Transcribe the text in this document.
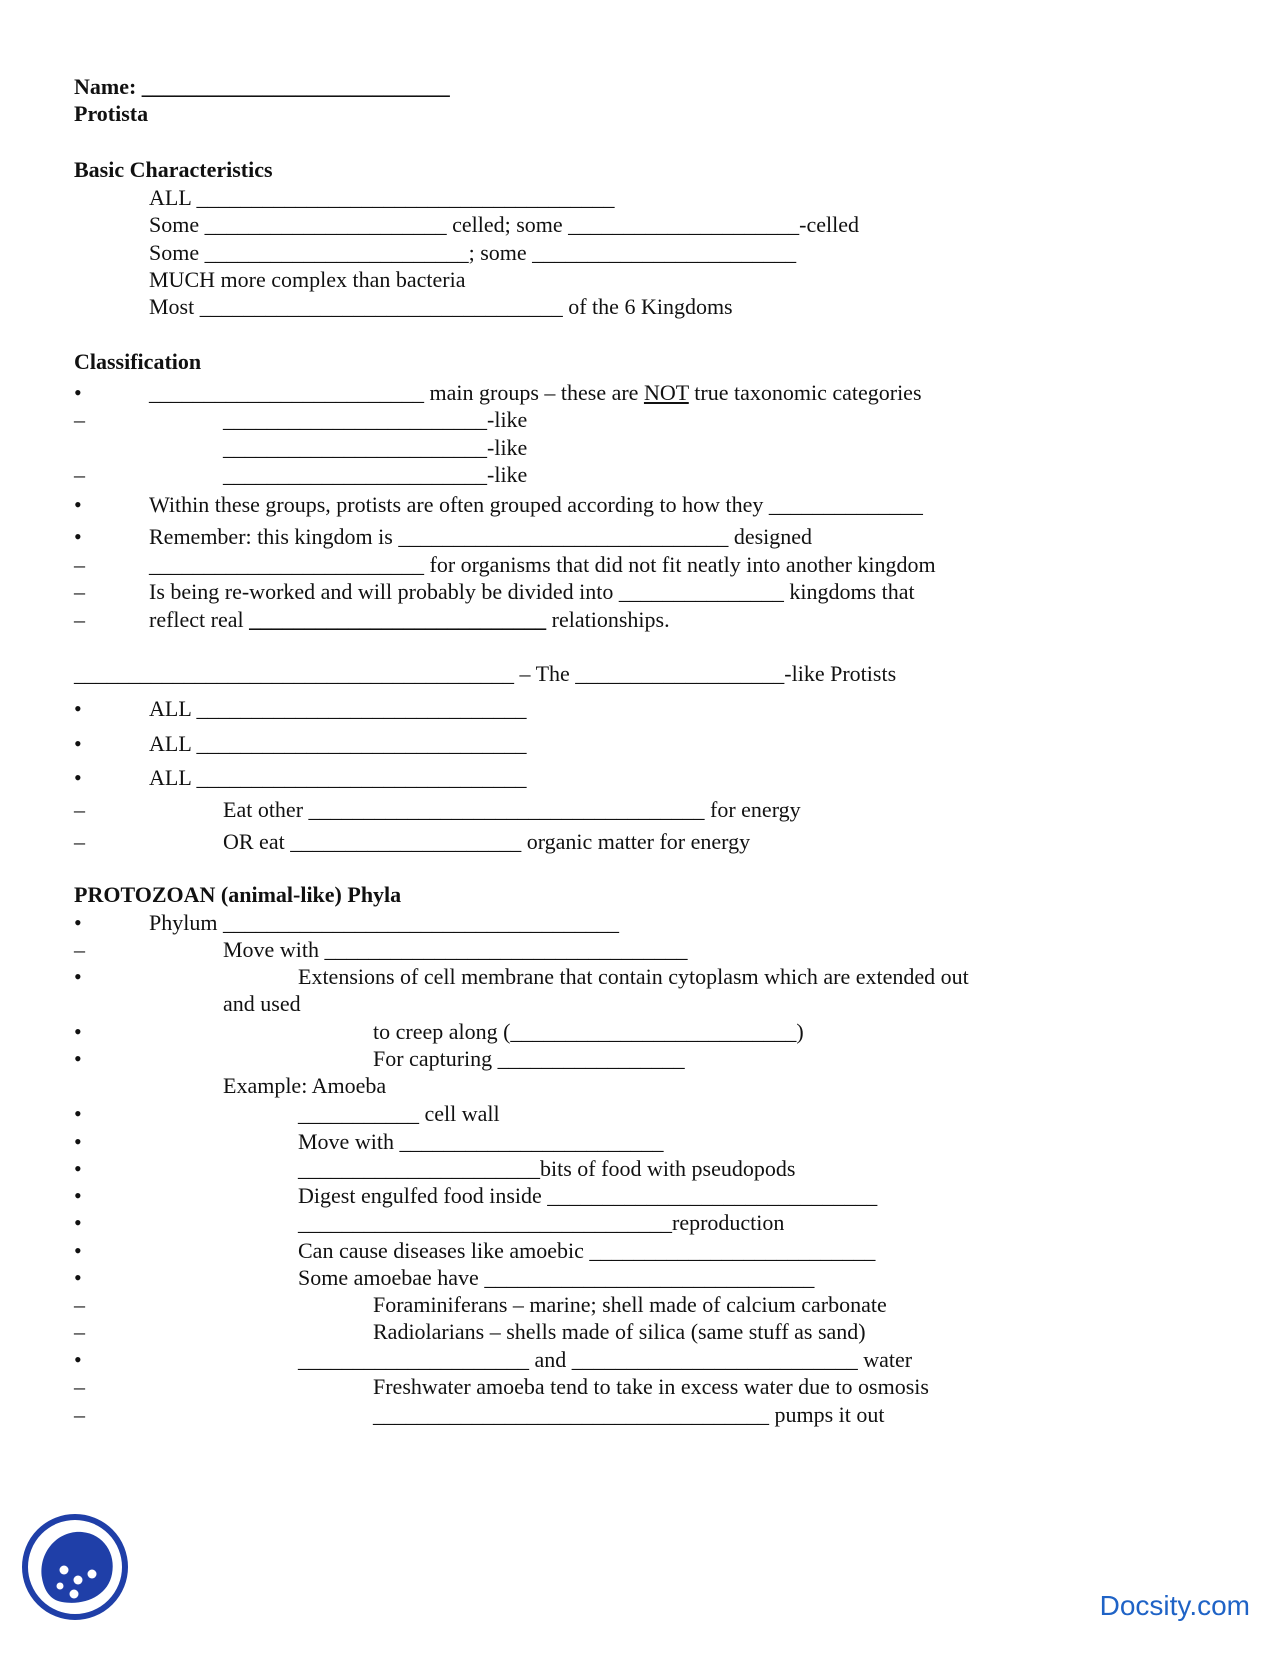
Name: ____________________________
Protista
Basic Characteristics
ALL ______________________________________
Some ______________________ celled; some _____________________-celled
Some ________________________; some ________________________
MUCH more complex than bacteria
Most _________________________________ of the 6 Kingdoms
Classification
•	_________________________ main groups – these are NOT true taxonomic categories
–	________________________-like
________________________-like
–	________________________-like
•	Within these groups, protists are often grouped according to how they ______________
•	Remember: this kingdom is ______________________________ designed
–	_________________________ for organisms that did not fit neatly into another kingdom
–	Is being re-worked and will probably be divided into _______________ kingdoms that
–	reflect real ___________________________ relationships.
________________________________________ – The ___________________-like Protists
•	ALL ______________________________
•	ALL ______________________________
•	ALL ______________________________
–	Eat other ____________________________________ for energy
–	OR eat _____________________ organic matter for energy
PROTOZOAN (animal-like) Phyla
•	Phylum ____________________________________
–	Move with _________________________________
•	Extensions of cell membrane that contain cytoplasm which are extended out
and used
•	to creep along (__________________________)
•	For capturing _________________
Example: Amoeba
•	___________ cell wall
•	Move with ________________________
•	______________________bits of food with pseudopods
•	Digest engulfed food inside ______________________________
•	__________________________________reproduction
•	Can cause diseases like amoebic __________________________
•	Some amoebae have ______________________________
–	Foraminiferans – marine; shell made of calcium carbonate
–	Radiolarians – shells made of silica (same stuff as sand)
•	_____________________ and __________________________ water
–	Freshwater amoeba tend to take in excess water due to osmosis
–	____________________________________ pumps it out
Docsity.com
